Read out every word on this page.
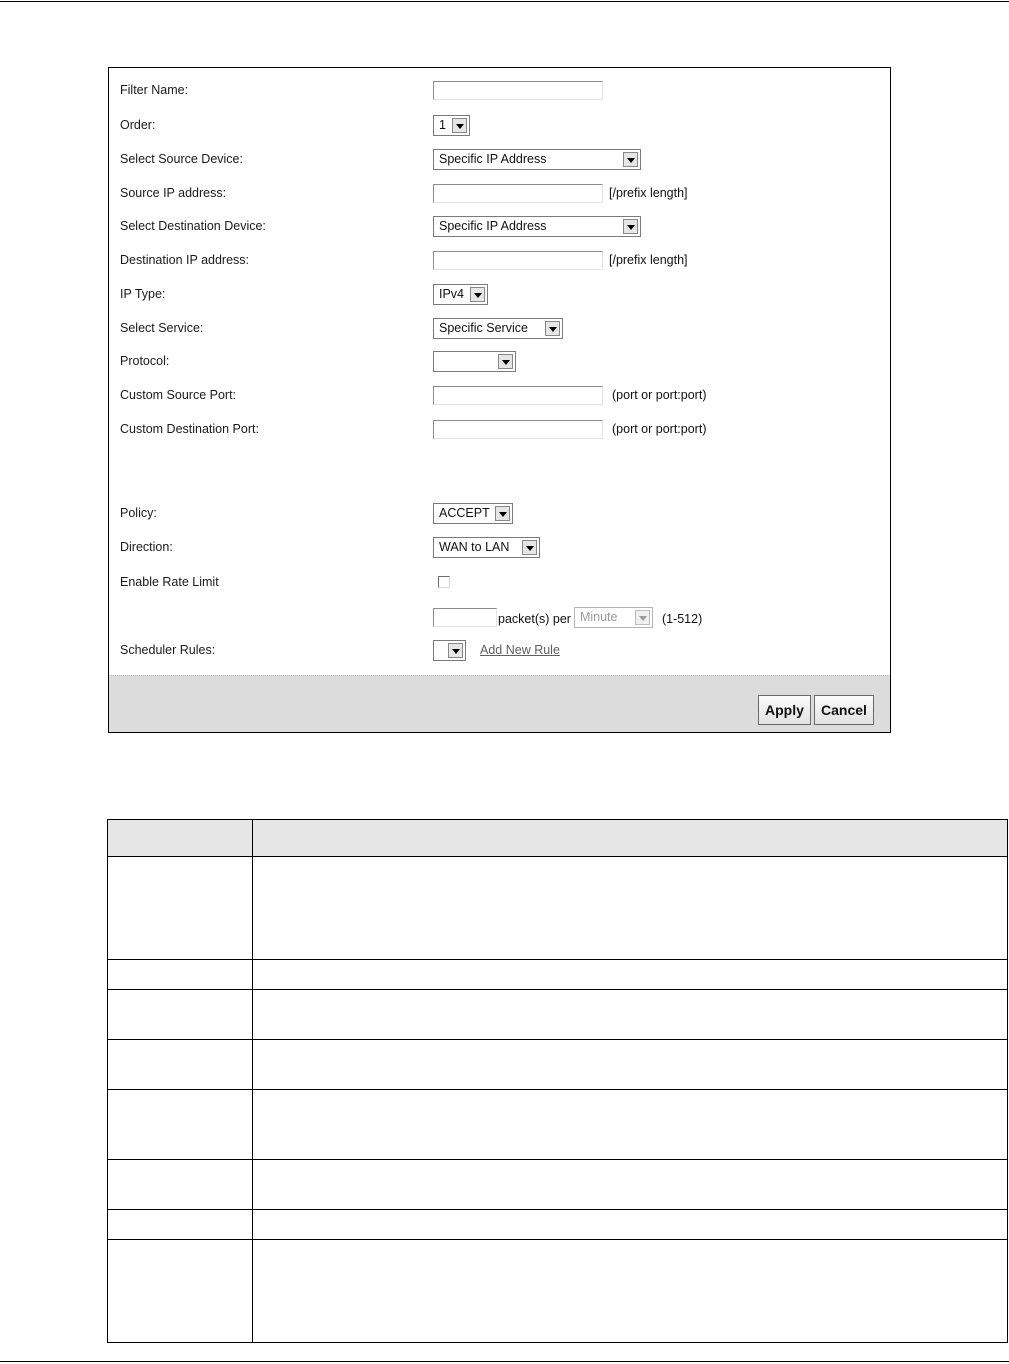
Filter Name:
Order:	1
Select Source Device:	Specific IP Address
Source IP address:	[/prefix length]
Select Destination Device:	Specific IP Address
Destination IP address:	[/prefix length]
IP Type:	IPv4
Select Service:	Specific Service
Protocol:
Custom Source Port:	(port or port:port)
Custom Destination Port:	(port or port:port)
Policy:	ACCEPT
Direction:	WAN to LAN
Enable Rate Limit
packet(s) per Minute	(1-512)
Scheduler Rules:	Add New Rule
Apply	Cancel
